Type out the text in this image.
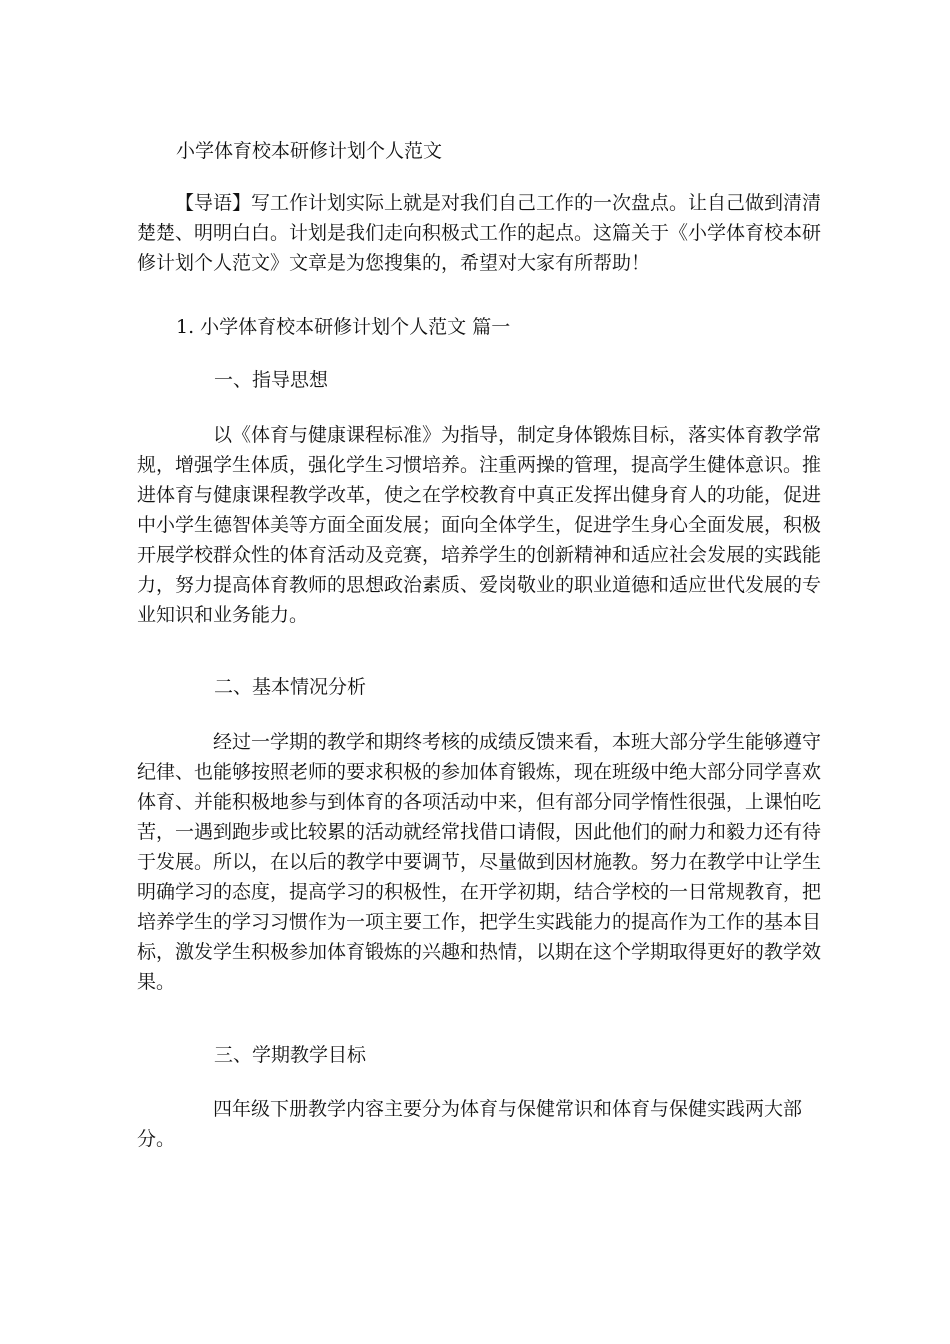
小学体育校本研修计划个人范文

【导语】写工作计划实际上就是对我们自己工作的一次盘点。让自己做到清清楚楚、明明白白。计划是我们走向积极式工作的起点。这篇关于《小学体育校本研修计划个人范文》文章是为您搜集的，希望对大家有所帮助！

1. 小学体育校本研修计划个人范文 篇一

一、指导思想

以《体育与健康课程标准》为指导，制定身体锻炼目标，落实体育教学常规，增强学生体质，强化学生习惯培养。注重两操的管理，提高学生健体意识。推进体育与健康课程教学改革，使之在学校教育中真正发挥出健身育人的功能，促进中小学生德智体美等方面全面发展；面向全体学生，促进学生身心全面发展，积极开展学校群众性的体育活动及竞赛，培养学生的创新精神和适应社会发展的实践能力，努力提高体育教师的思想政治素质、爱岗敬业的职业道德和适应世代发展的专业知识和业务能力。

二、基本情况分析

经过一学期的教学和期终考核的成绩反馈来看，本班大部分学生能够遵守纪律、也能够按照老师的要求积极的参加体育锻炼，现在班级中绝大部分同学喜欢体育、并能积极地参与到体育的各项活动中来，但有部分同学惰性很强，上课怕吃苦，一遇到跑步或比较累的活动就经常找借口请假，因此他们的耐力和毅力还有待于发展。所以，在以后的教学中要调节，尽量做到因材施教。努力在教学中让学生明确学习的态度，提高学习的积极性，在开学初期，结合学校的一日常规教育，把培养学生的学习习惯作为一项主要工作，把学生实践能力的提高作为工作的基本目标，激发学生积极参加体育锻炼的兴趣和热情，以期在这个学期取得更好的教学效果。

三、学期教学目标

四年级下册教学内容主要分为体育与保健常识和体育与保健实践两大部分。
